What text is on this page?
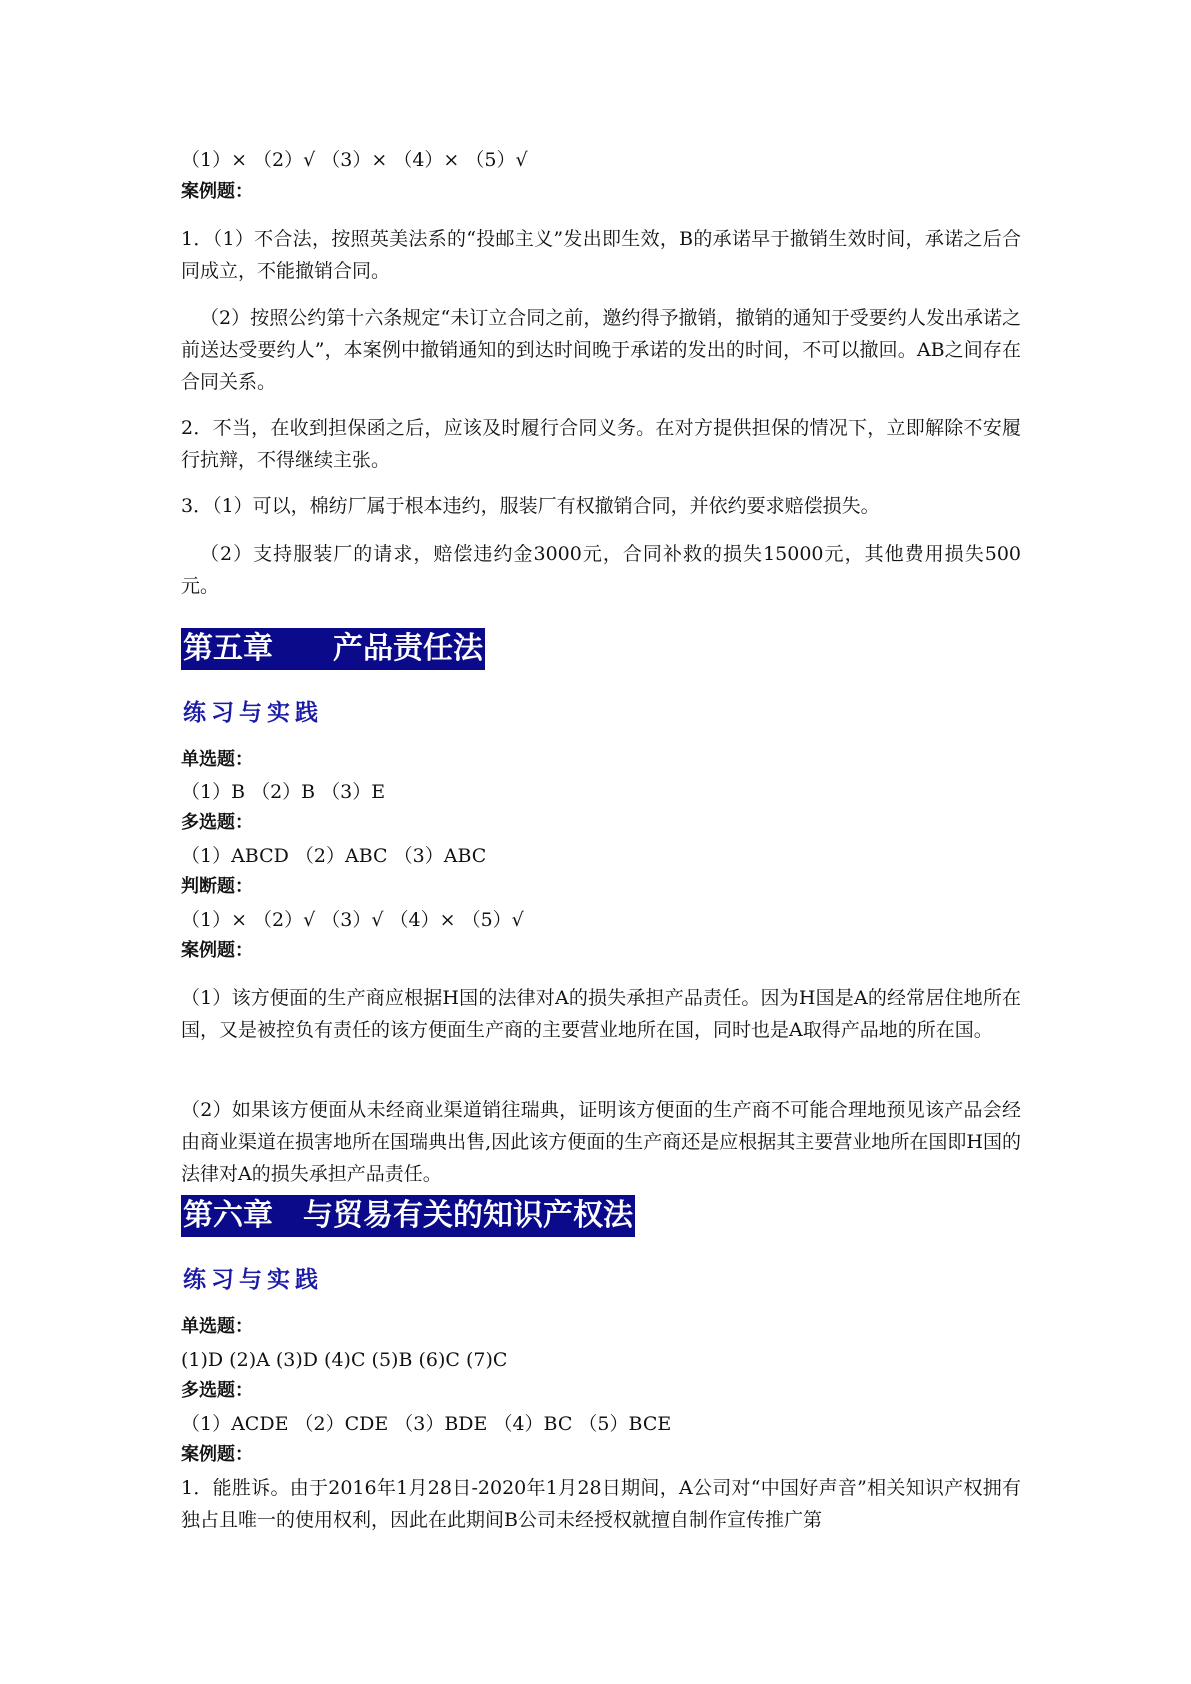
（1）× （2）√ （3）× （4）× （5）√
案例题：
1．（1）不合法，按照英美法系的“投邮主义”发出即生效，B的承诺早于撤销生效时间，承诺之后合同成立，不能撤销合同。
（2）按照公约第十六条规定“未订立合同之前，邀约得予撤销，撤销的通知于受要约人发出承诺之前送达受要约人”，本案例中撤销通知的到达时间晚于承诺的发出的时间，不可以撤回。AB之间存在合同关系。
2．不当，在收到担保函之后，应该及时履行合同义务。在对方提供担保的情况下，立即解除不安履行抗辩，不得继续主张。
3．（1）可以，棉纺厂属于根本违约，服装厂有权撤销合同，并依约要求赔偿损失。
（2）支持服装厂的请求，赔偿违约金3000元，合同补救的损失15000元，其他费用损失500元。
第五章　　产品责任法
练习与实践
单选题：
（1）B （2）B （3）E
多选题：
（1）ABCD （2）ABC （3）ABC
判断题：
（1）× （2）√ （3）√ （4）× （5）√
案例题：
（1）该方便面的生产商应根据H国的法律对A的损失承担产品责任。因为H国是A的经常居住地所在国，又是被控负有责任的该方便面生产商的主要营业地所在国，同时也是A取得产品地的所在国。
（2）如果该方便面从未经商业渠道销往瑞典，证明该方便面的生产商不可能合理地预见该产品会经由商业渠道在损害地所在国瑞典出售,因此该方便面的生产商还是应根据其主要营业地所在国即H国的法律对A的损失承担产品责任。
第六章　与贸易有关的知识产权法
练习与实践
单选题：
(1)D (2)A (3)D (4)C (5)B (6)C (7)C
多选题：
（1）ACDE （2）CDE （3）BDE （4）BC （5）BCE
案例题：
1．能胜诉。由于2016年1月28日-2020年1月28日期间，A公司对“中国好声音”相关知识产权拥有独占且唯一的使用权利，因此在此期间B公司未经授权就擅自制作宣传推广第
